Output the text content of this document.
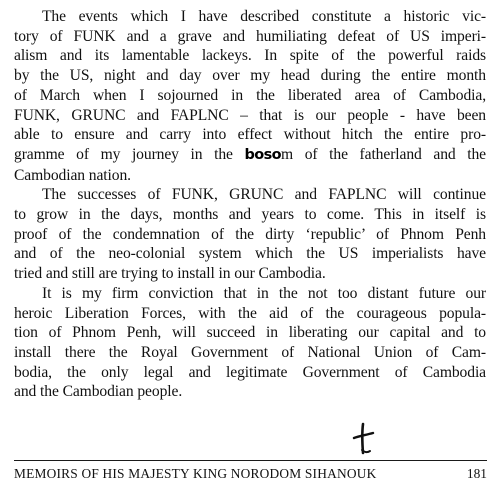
The events which I have described constitute a historic vic-
tory of FUNK and a grave and humiliating defeat of US imperi-
alism and its lamentable lackeys. In spite of the powerful raids
by the US, night and day over my head during the entire month
of March when I sojourned in the liberated area of Cambodia,
FUNK, GRUNC and FAPLNC – that is our people - have been
able to ensure and carry into effect without hitch the entire pro-
gramme of my journey in the bosom of the fatherland and the
Cambodian nation.
The successes of FUNK, GRUNC and FAPLNC will continue
to grow in the days, months and years to come. This in itself is
proof of the condemnation of the dirty ‘republic’ of Phnom Penh
and of the neo-colonial system which the US imperialists have
tried and still are trying to install in our Cambodia.
It is my firm conviction that in the not too distant future our
heroic Liberation Forces, with the aid of the courageous popula-
tion of Phnom Penh, will succeed in liberating our capital and to
install there the Royal Government of National Union of Cam-
bodia, the only legal and legitimate Government of Cambodia
and the Cambodian people.
MEMOIRS OF HIS MAJESTY KING NORODOM SIHANOUK	181
